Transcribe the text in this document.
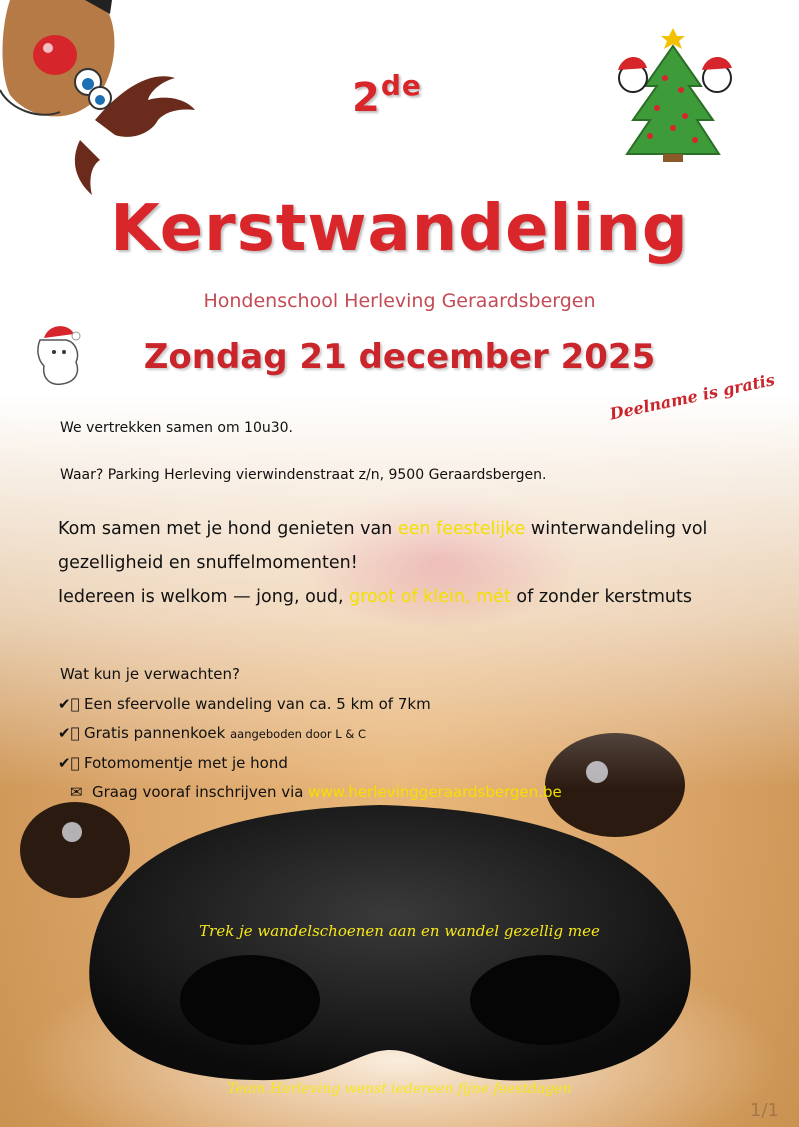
2de
Kerstwandeling
Hondenschool Herleving Geraardsbergen
Zondag 21 december 2025
Deelname is gratis
We vertrekken samen om 10u30.
Waar? Parking Herleving vierwindenstraat z/n, 9500 Geraardsbergen.
Kom samen met je hond genieten van een feestelijke winterwandeling vol gezelligheid en snuffelmomenten!
Iedereen is welkom — jong, oud, groot of klein, mét of zonder kerstmuts
Wat kun je verwachten?
✔⃞ Een sfeervolle wandeling van ca. 5 km of 7km
✔⃞ Gratis pannenkoek aangeboden door L & C
✔⃞ Fotomomentje met je hond
✉ Graag vooraf inschrijven via www.herlevinggeraardsbergen.be
Trek je wandelschoenen aan en wandel gezellig mee
Team Herleving wenst iedereen fijne feestdagen
1/1
